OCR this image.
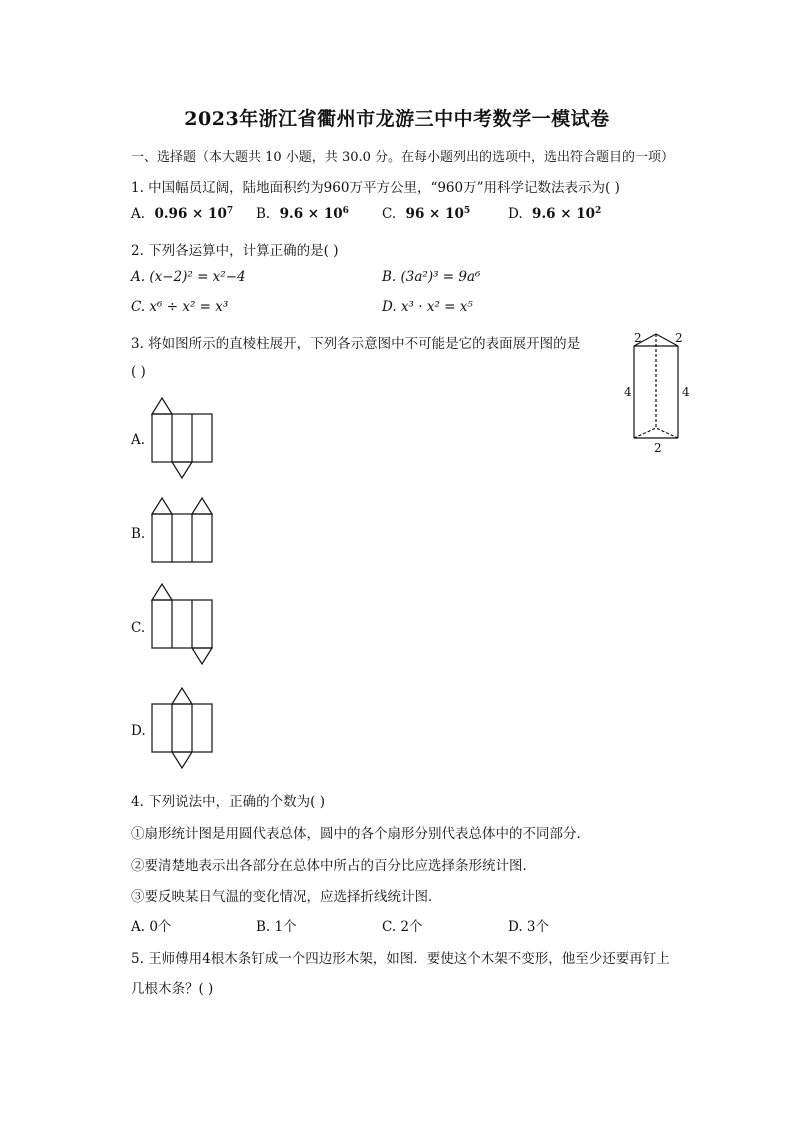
2023年浙江省衢州市龙游三中中考数学一模试卷
一、选择题（本大题共 10 小题，共 30.0 分。在每小题列出的选项中，选出符合题目的一项）
1. 中国幅员辽阔，陆地面积约为960万平方公里，“960万”用科学记数法表示为( )
A. $0.96 \times 10^7$ B. $9.6 \times 10^6$ C. $96 \times 10^5$	D. $9.6 \times 10^2$
2. 下列各运算中，计算正确的是( )
A. (x−2)² = x²−4	B. (3a²)³ = 9a⁶
C. x⁶ ÷ x² = x³	D. x³ · x² = x⁵
3. 将如图所示的直棱柱展开，下列各示意图中不可能是它的表面展开图的是
( )
2	2
4	4
2
A.
B.
C.
D.
4. 下列说法中，正确的个数为( )
①扇形统计图是用圆代表总体，圆中的各个扇形分别代表总体中的不同部分．
②要清楚地表示出各部分在总体中所占的百分比应选择条形统计图．
③要反映某日气温的变化情况，应选择折线统计图．
A. 0个	B. 1个	C. 2个	D. 3个
5. 王师傅用4根木条钉成一个四边形木架，如图．要使这个木架不变形，他至少还要再钉上
几根木条？( )
